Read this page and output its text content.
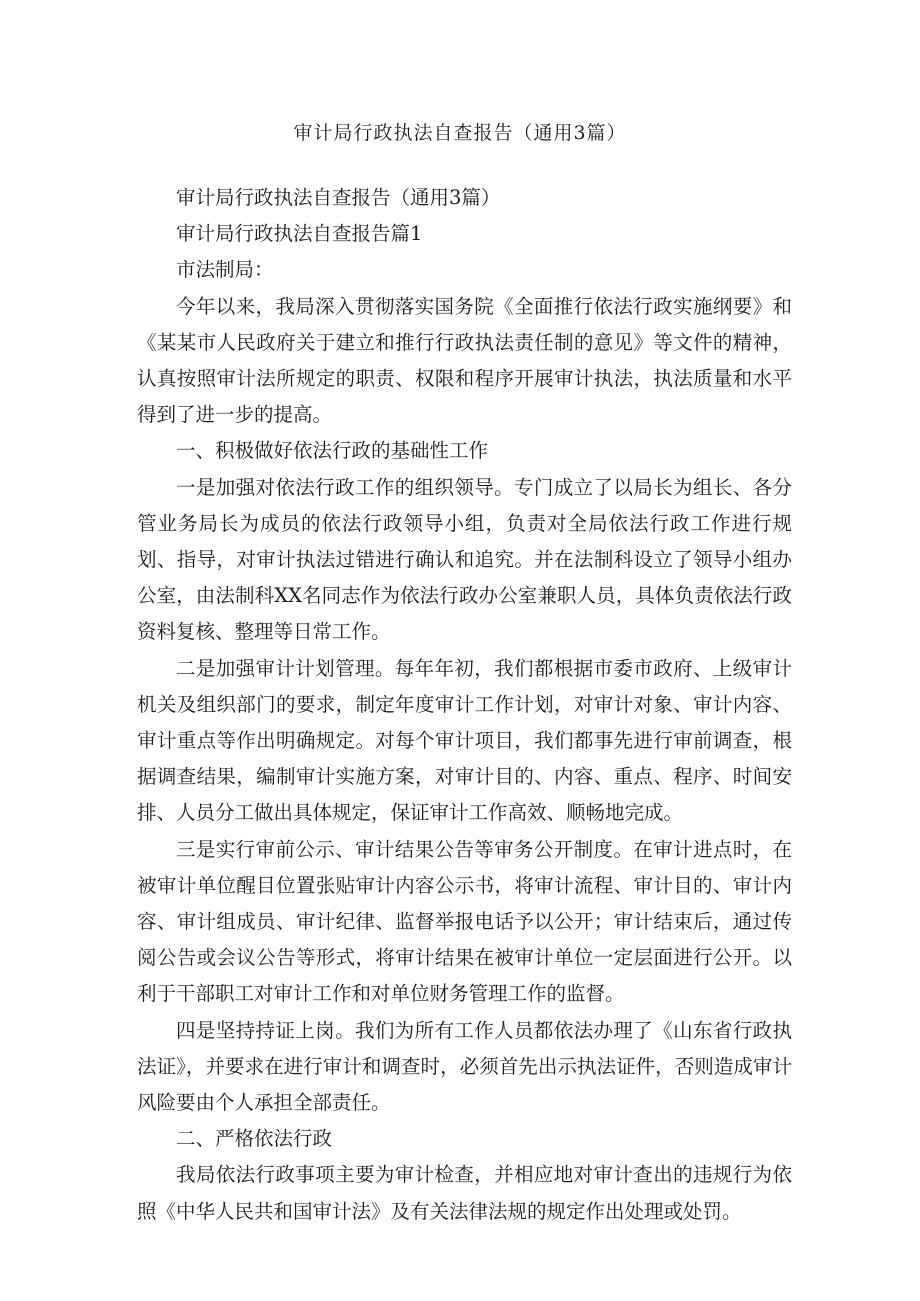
审计局行政执法自查报告（通用3篇）

审计局行政执法自查报告（通用3篇）

审计局行政执法自查报告篇1

市法制局：

今年以来，我局深入贯彻落实国务院《全面推行依法行政实施纲要》和《某某市人民政府关于建立和推行行政执法责任制的意见》等文件的精神，认真按照审计法所规定的职责、权限和程序开展审计执法，执法质量和水平得到了进一步的提高。

一、积极做好依法行政的基础性工作

一是加强对依法行政工作的组织领导。专门成立了以局长为组长、各分管业务局长为成员的依法行政领导小组，负责对全局依法行政工作进行规划、指导，对审计执法过错进行确认和追究。并在法制科设立了领导小组办公室，由法制科XX名同志作为依法行政办公室兼职人员，具体负责依法行政资料复核、整理等日常工作。

二是加强审计计划管理。每年年初，我们都根据市委市政府、上级审计机关及组织部门的要求，制定年度审计工作计划，对审计对象、审计内容、审计重点等作出明确规定。对每个审计项目，我们都事先进行审前调查，根据调查结果，编制审计实施方案，对审计目的、内容、重点、程序、时间安排、人员分工做出具体规定，保证审计工作高效、顺畅地完成。

三是实行审前公示、审计结果公告等审务公开制度。在审计进点时，在被审计单位醒目位置张贴审计内容公示书，将审计流程、审计目的、审计内容、审计组成员、审计纪律、监督举报电话予以公开；审计结束后，通过传阅公告或会议公告等形式，将审计结果在被审计单位一定层面进行公开。以利于干部职工对审计工作和对单位财务管理工作的监督。

四是坚持持证上岗。我们为所有工作人员都依法办理了《山东省行政执法证》，并要求在进行审计和调查时，必须首先出示执法证件，否则造成审计风险要由个人承担全部责任。

二、严格依法行政

我局依法行政事项主要为审计检查，并相应地对审计查出的违规行为依照《中华人民共和国审计法》及有关法律法规的规定作出处理或处罚。
